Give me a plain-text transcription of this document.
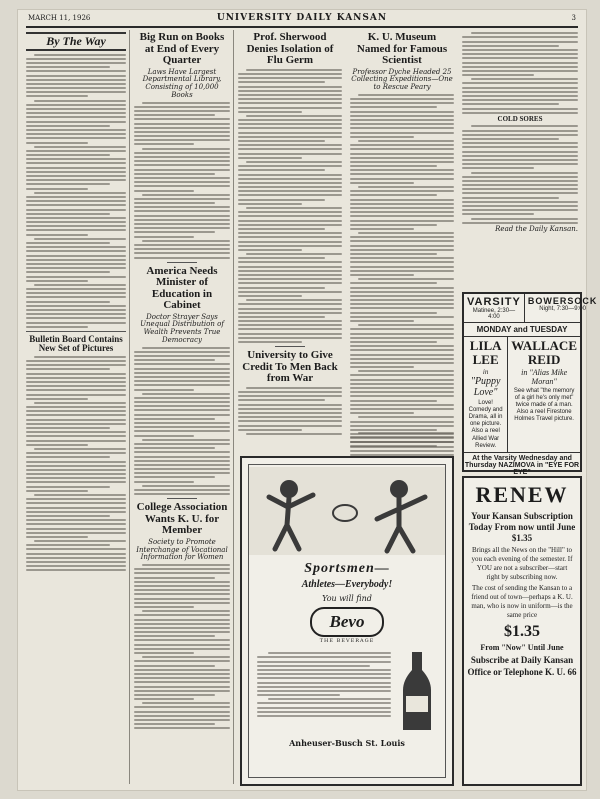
MARCH 11, 1926	UNIVERSITY DAILY KANSAN	3
By The Way
Bulletin Board Contains New Set of Pictures
Big Run on Books at End of Every Quarter
Laws Have Largest Departmental Library, Consisting of 10,000 Books
America Needs Minister of Education in Cabinet
Doctor Strayer Says Unequal Distribution of Wealth Prevents True Democracy
College Association Wants K. U. for Member
Society to Promote Interchange of Vocational Information for Women
Prof. Sherwood Denies Isolation of Flu Germ
University to Give Credit To Men Back from War
K. U. Museum Named for Famous Scientist
Professor Dyche Headed 25 Collecting Expeditions—One to Rescue Peary
COLD SORES
Read the Daily Kansan.
Sportsmen—
Athletes—Everybody!
You will find
Bevo
THE BEVERAGE
Anheuser-Busch St. Louis
VARSITY
Matinee, 2:30—4:00
BOWERSOCK
Night, 7:30—9:00
MONDAY and TUESDAY
LILA LEE
in
"Puppy Love"
Love! Comedy and Drama, all in one picture. Also a reel Allied War Review.
WALLACE REID
in "Alias Mike Moran"
See what "the memory of a girl he's only met" twice made of a man. Also a reel Firestone Holmes Travel picture.
At the Varsity Wednesday and Thursday NAZIMOVA in "EYE FOR EYE"
RENEW
Your Kansan Subscription Today From now until June $1.35
Brings all the News on the "Hill" to you each evening of the semester. If YOU are not a subscriber—start right by subscribing now.
The cost of sending the Kansan to a friend out of town—perhaps a K. U. man, who is now in uniform—is the same price
$1.35
From "Now" Until June
Subscribe at Daily Kansan Office or Telephone K. U. 66
